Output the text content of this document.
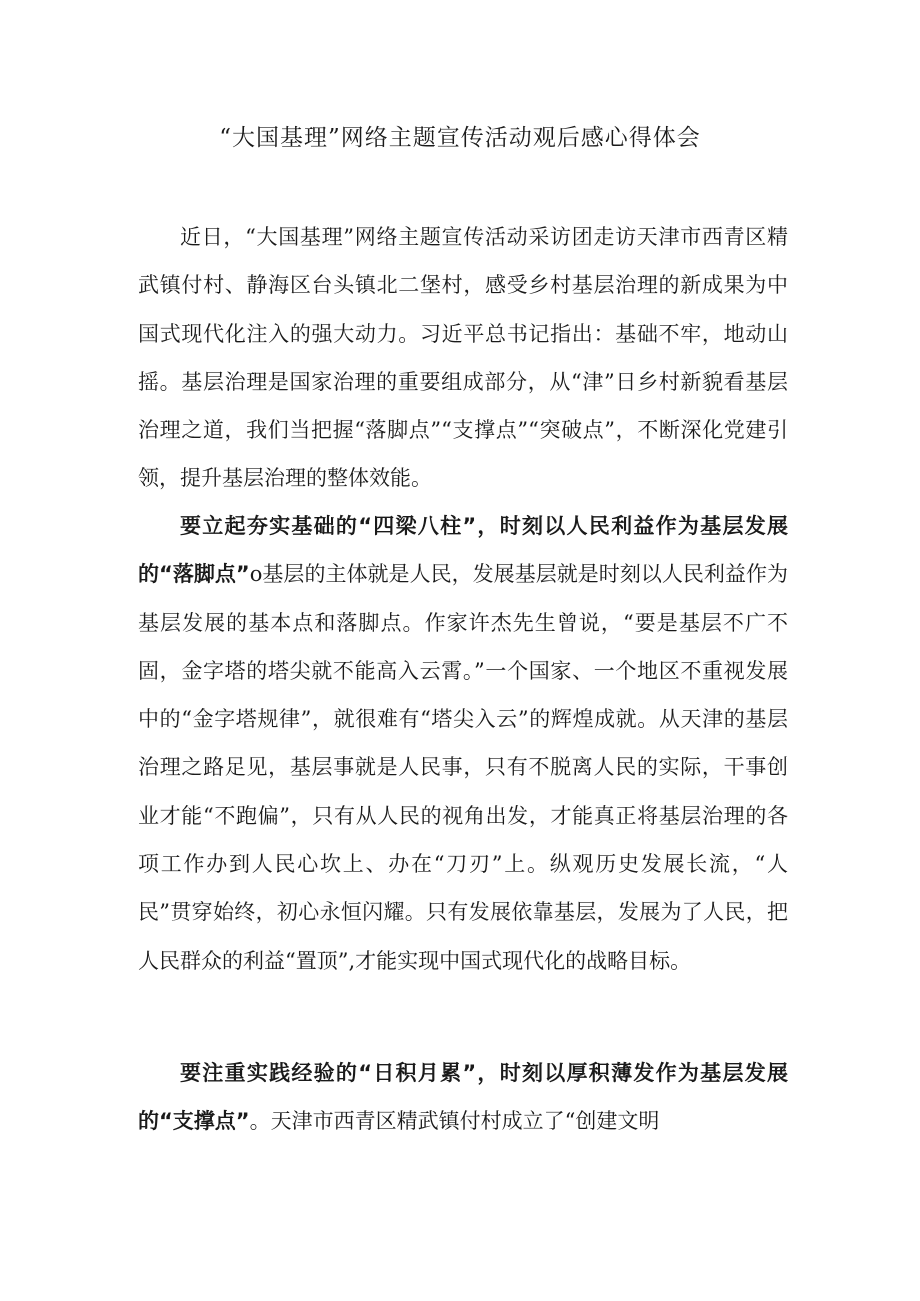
“大国基理”网络主题宣传活动观后感心得体会

近日，“大国基理”网络主题宣传活动采访团走访天津市西青区精武镇付村、静海区台头镇北二堡村，感受乡村基层治理的新成果为中国式现代化注入的强大动力。习近平总书记指出：基础不牢，地动山摇。基层治理是国家治理的重要组成部分，从“津”日乡村新貌看基层治理之道，我们当把握“落脚点”“支撑点”“突破点”，不断深化党建引领，提升基层治理的整体效能。

要立起夯实基础的“四梁八柱”，时刻以人民利益作为基层发展的“落脚点”o基层的主体就是人民，发展基层就是时刻以人民利益作为基层发展的基本点和落脚点。作家许杰先生曾说，“要是基层不广不固，金字塔的塔尖就不能高入云霄。”一个国家、一个地区不重视发展中的“金字塔规律”，就很难有“塔尖入云”的辉煌成就。从天津的基层治理之路足见，基层事就是人民事，只有不脱离人民的实际，干事创业才能“不跑偏”，只有从人民的视角出发，才能真正将基层治理的各项工作办到人民心坎上、办在“刀刃”上。纵观历史发展长流，“人民”贯穿始终，初心永恒闪耀。只有发展依靠基层，发展为了人民，把人民群众的利益“置顶”,才能实现中国式现代化的战略目标。

要注重实践经验的“日积月累”，时刻以厚积薄发作为基层发展的“支撑点”。天津市西青区精武镇付村成立了“创建文明
